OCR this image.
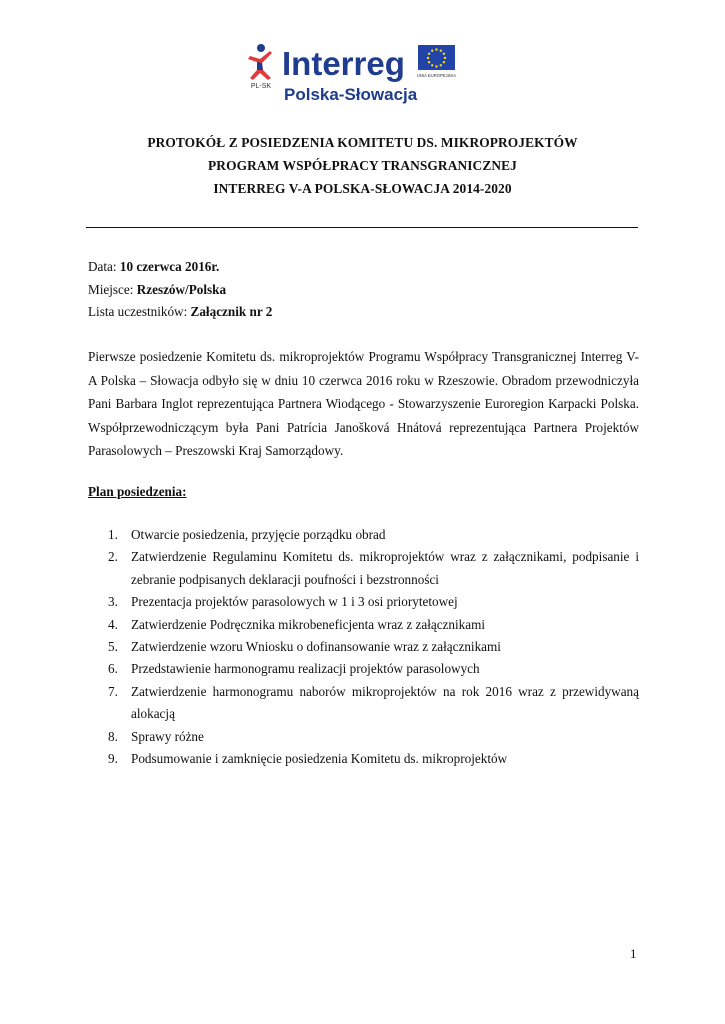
PL-SK
Interreg
Polska-Słowacja
UNIA EUROPEJSKA
PROTOKÓŁ Z POSIEDZENIA KOMITETU DS. MIKROPROJEKTÓW
PROGRAM WSPÓŁPRACY TRANSGRANICZNEJ
INTERREG V-A POLSKA-SŁOWACJA 2014-2020
Data: 10 czerwca 2016r.
Miejsce: Rzeszów/Polska
Lista uczestników: Załącznik nr 2
Pierwsze posiedzenie Komitetu ds. mikroprojektów Programu Współpracy Transgranicznej Interreg V-A Polska – Słowacja odbyło się w dniu 10 czerwca 2016 roku w Rzeszowie. Obradom przewodniczyła Pani Barbara Inglot reprezentująca Partnera Wiodącego - Stowarzyszenie Euroregion Karpacki Polska. Współprzewodniczącym była Pani Patrícia Janošková Hnátová reprezentująca Partnera Projektów Parasolowych – Preszowski Kraj Samorządowy.
Plan posiedzenia:
1. Otwarcie posiedzenia, przyjęcie porządku obrad
2. Zatwierdzenie Regulaminu Komitetu ds. mikroprojektów wraz z załącznikami, podpisanie i zebranie podpisanych deklaracji poufności i bezstronności
3. Prezentacja projektów parasolowych w 1 i 3 osi priorytetowej
4. Zatwierdzenie Podręcznika mikrobeneficjenta wraz z załącznikami
5. Zatwierdzenie wzoru Wniosku o dofinansowanie wraz z załącznikami
6. Przedstawienie harmonogramu realizacji projektów parasolowych
7. Zatwierdzenie harmonogramu naborów mikroprojektów na rok 2016 wraz z przewidywaną alokacją
8. Sprawy różne
9. Podsumowanie i zamknięcie posiedzenia Komitetu ds. mikroprojektów
1
